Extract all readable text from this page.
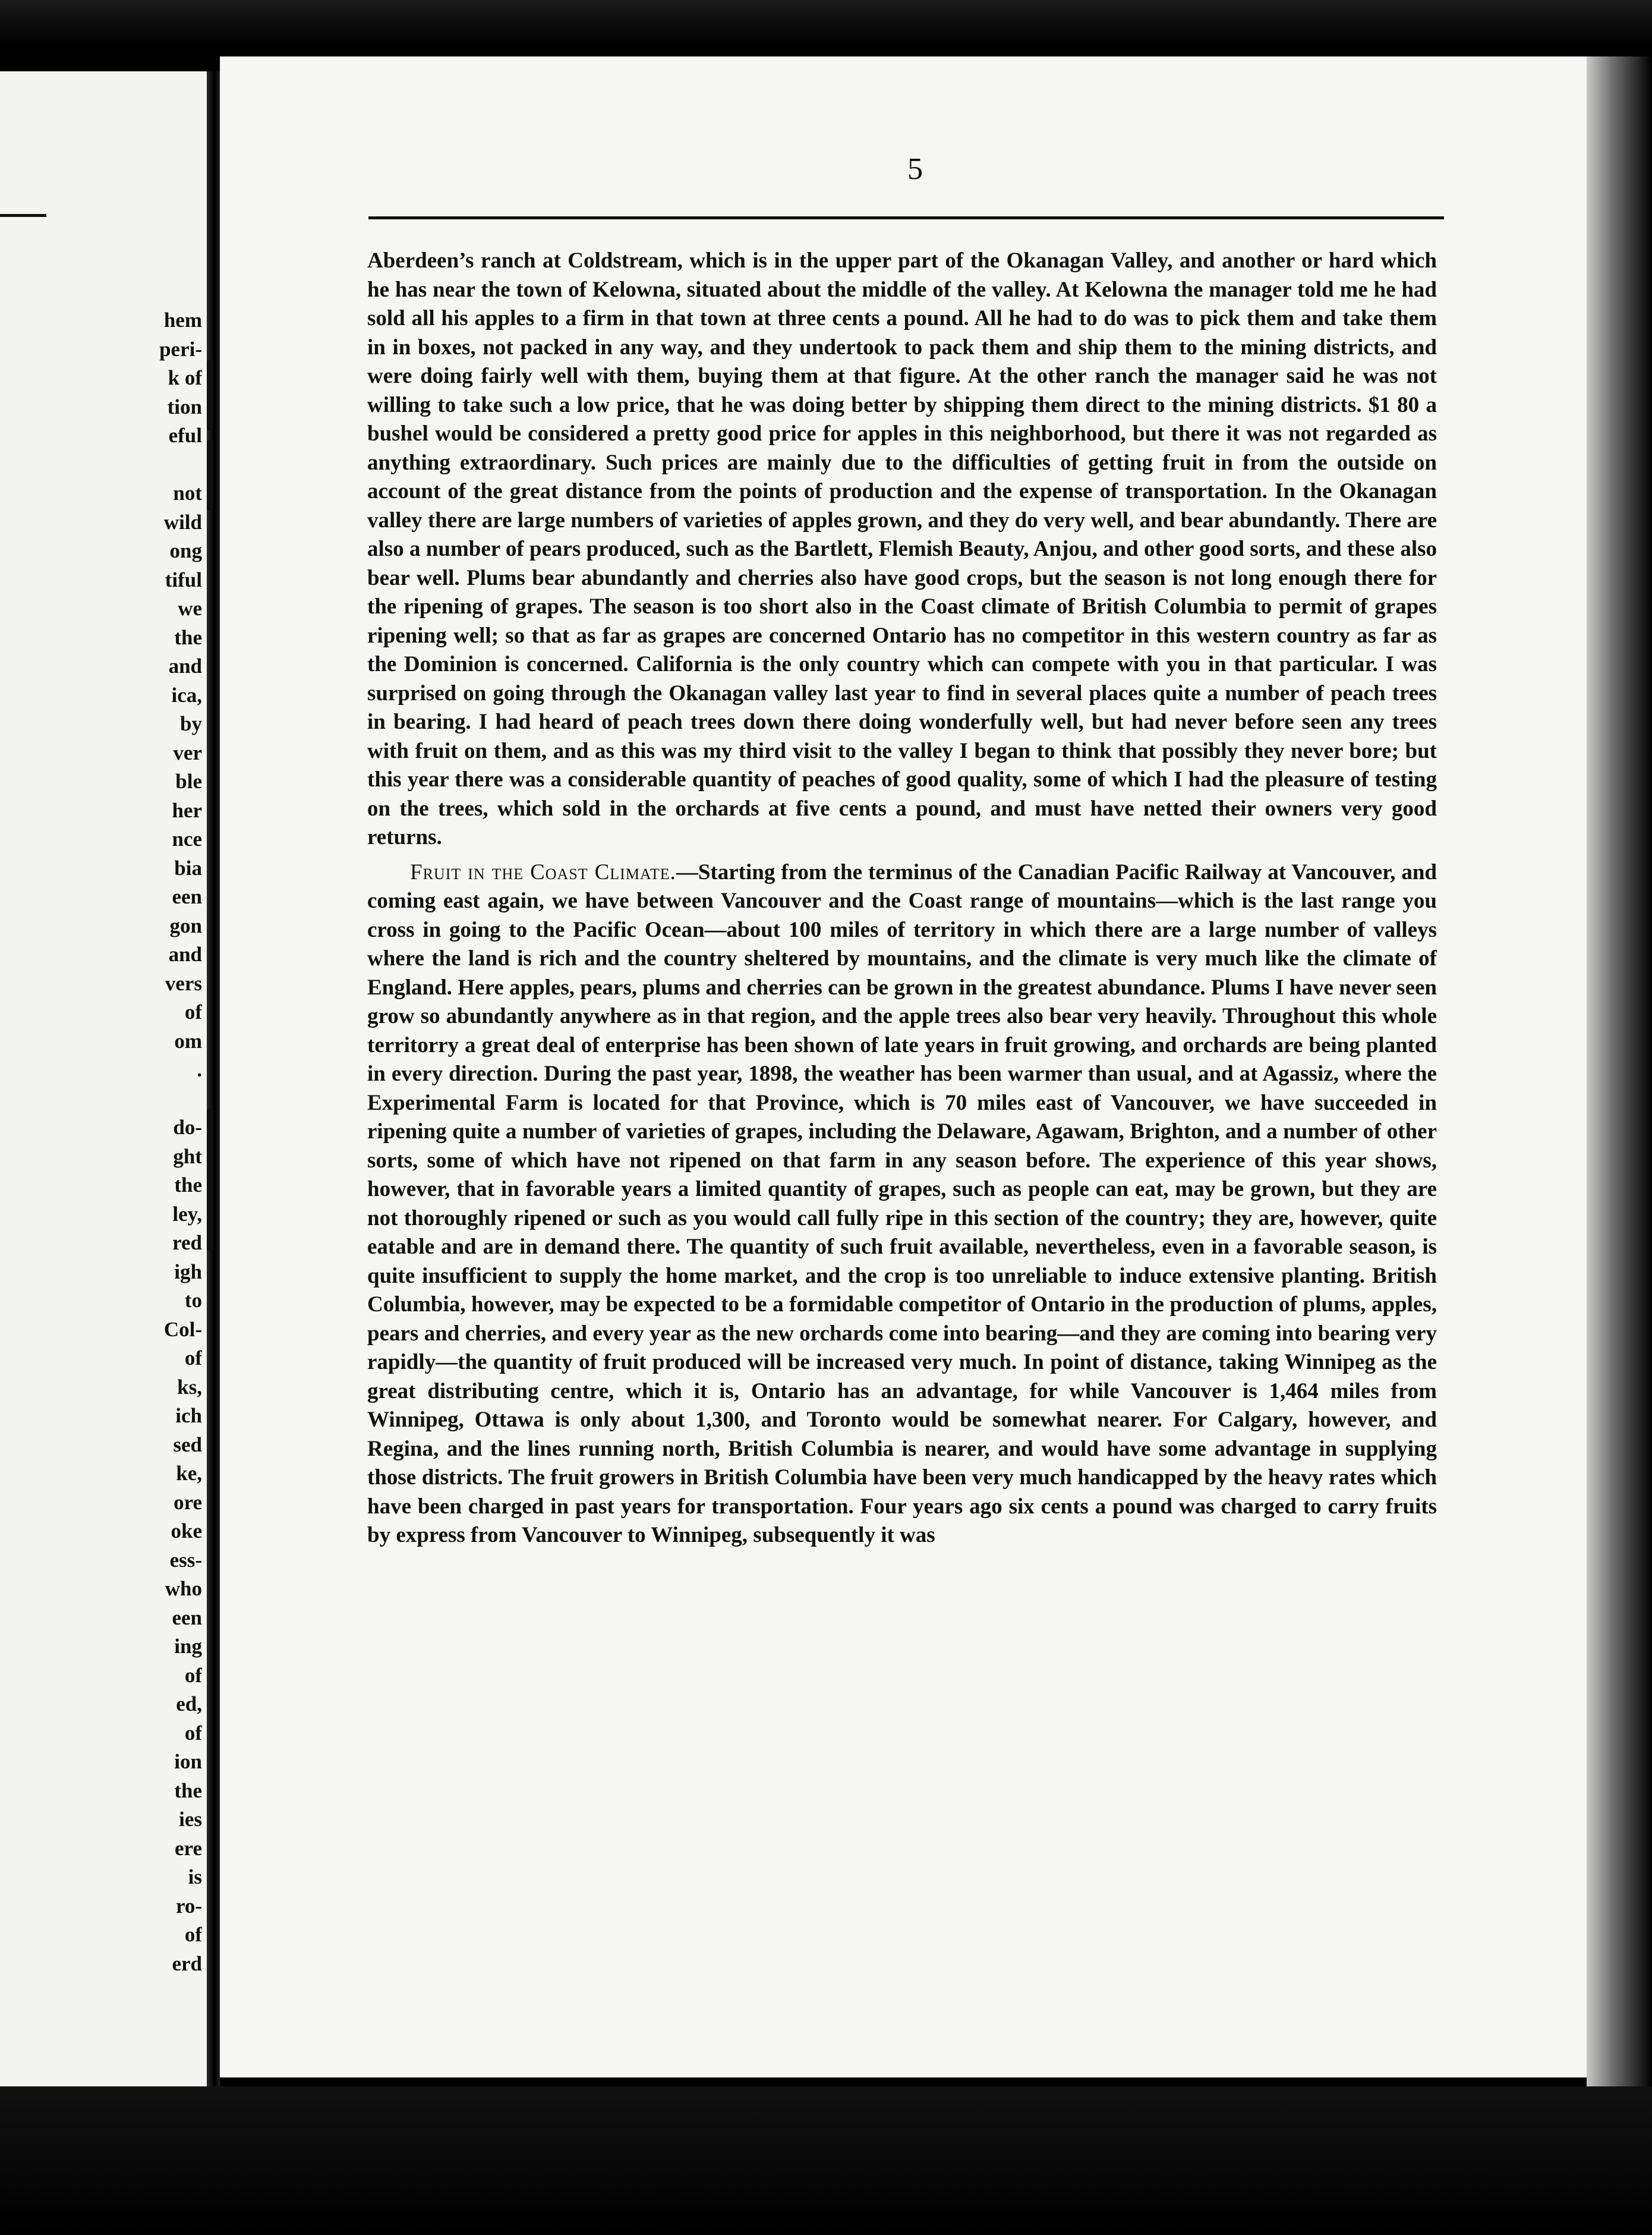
hem
peri-
k of
tion
eful
not
wild
ong
tiful
we
the
and
ica,
by
ver
ble
her
nce
bia
een
gon
and
vers
of
om
.
do-
ght
the
ley,
red
igh
to
Col-
of
ks,
ich
sed
ke,
ore
oke
ess-
who
een
ing
of
ed,
of
ion
the
ies
ere
is
ro-
of
erd
5

Aberdeen’s ranch at Coldstream, which is in the upper part of the Okanagan Valley, and another or hard which he has near the town of Kelowna, situated about the middle of the valley. At Kelowna the manager told me he had sold all his apples to a firm in that town at three cents a pound. All he had to do was to pick them and take them in in boxes, not packed in any way, and they undertook to pack them and ship them to the mining districts, and were doing fairly well with them, buying them at that figure. At the other ranch the manager said he was not willing to take such a low price, that he was doing better by shipping them direct to the mining districts. $1 80 a bushel would be considered a pretty good price for apples in this neighborhood, but there it was not regarded as anything extraordinary. Such prices are mainly due to the difficulties of getting fruit in from the outside on account of the great distance from the points of production and the expense of transportation. In the Okanagan valley there are large numbers of varieties of apples grown, and they do very well, and bear abundantly. There are also a number of pears produced, such as the Bartlett, Flemish Beauty, Anjou, and other good sorts, and these also bear well. Plums bear abundantly and cherries also have good crops, but the season is not long enough there for the ripening of grapes. The season is too short also in the Coast climate of British Columbia to permit of grapes ripening well; so that as far as grapes are concerned Ontario has no competitor in this western country as far as the Dominion is concerned. California is the only country which can compete with you in that particular. I was surprised on going through the Okanagan valley last year to find in several places quite a number of peach trees in bearing. I had heard of peach trees down there doing wonderfully well, but had never before seen any trees with fruit on them, and as this was my third visit to the valley I began to think that possibly they never bore; but this year there was a considerable quantity of peaches of good quality, some of which I had the pleasure of testing on the trees, which sold in the orchards at five cents a pound, and must have netted their owners very good returns.

Fruit in the Coast Climate.—Starting from the terminus of the Canadian Pacific Railway at Vancouver, and coming east again, we have between Vancouver and the Coast range of mountains—which is the last range you cross in going to the Pacific Ocean—about 100 miles of territory in which there are a large number of valleys where the land is rich and the country sheltered by mountains, and the climate is very much like the climate of England. Here apples, pears, plums and cherries can be grown in the greatest abundance. Plums I have never seen grow so abundantly anywhere as in that region, and the apple trees also bear very heavily. Throughout this whole territorry a great deal of enterprise has been shown of late years in fruit growing, and orchards are being planted in every direction. During the past year, 1898, the weather has been warmer than usual, and at Agassiz, where the Experimental Farm is located for that Province, which is 70 miles east of Vancouver, we have succeeded in ripening quite a number of varieties of grapes, including the Delaware, Agawam, Brighton, and a number of other sorts, some of which have not ripened on that farm in any season before. The experience of this year shows, however, that in favorable years a limited quantity of grapes, such as people can eat, may be grown, but they are not thoroughly ripened or such as you would call fully ripe in this section of the country; they are, however, quite eatable and are in demand there. The quantity of such fruit available, nevertheless, even in a favorable season, is quite insufficient to supply the home market, and the crop is too unreliable to induce extensive planting. British Columbia, however, may be expected to be a formidable competitor of Ontario in the production of plums, apples, pears and cherries, and every year as the new orchards come into bearing—and they are coming into bearing very rapidly—the quantity of fruit produced will be increased very much. In point of distance, taking Winnipeg as the great distributing centre, which it is, Ontario has an advantage, for while Vancouver is 1,464 miles from Winnipeg, Ottawa is only about 1,300, and Toronto would be somewhat nearer. For Calgary, however, and Regina, and the lines running north, British Columbia is nearer, and would have some advantage in supplying those districts. The fruit growers in British Columbia have been very much handicapped by the heavy rates which have been charged in past years for transportation. Four years ago six cents a pound was charged to carry fruits by express from Vancouver to Winnipeg, subsequently it was
